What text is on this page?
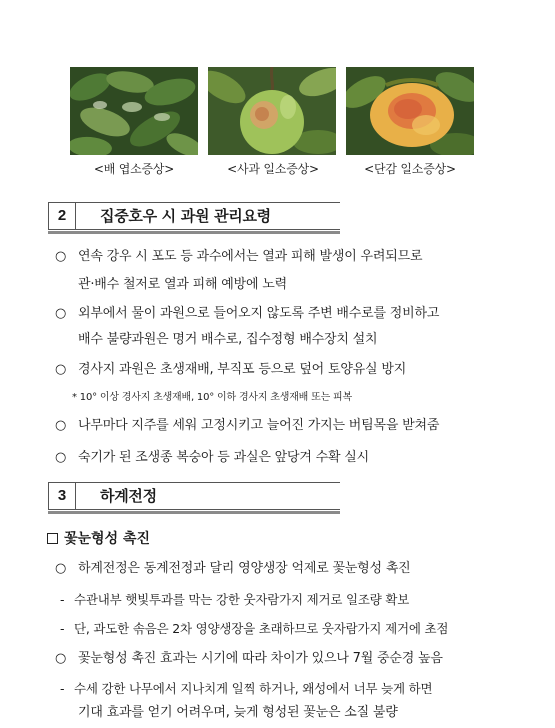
<배 엽소증상>	<사과 일소증상>	<단감 일소증상>
2	집중호우 시 과원 관리요령
○ 연속 강우 시 포도 등 과수에서는 열과 피해 발생이 우려되므로
관·배수 철저로 열과 피해 예방에 노력
○ 외부에서 물이 과원으로 들어오지 않도록 주변 배수로를 정비하고
배수 불량과원은 명거 배수로, 집수정형 배수장치 설치
○ 경사지 과원은 초생재배, 부직포 등으로 덮어 토양유실 방지
* 10° 이상 경사지 초생재배, 10° 이하 경사지 초생재배 또는 피복
○ 나무마다 지주를 세워 고정시키고 늘어진 가지는 버팀목을 받쳐줌
○ 숙기가 된 조생종 복숭아 등 과실은 앞당겨 수확 실시
3	하계전정
꽃눈형성 촉진
○ 하계전정은 동계전정과 달리 영양생장 억제로 꽃눈형성 촉진
- 수관내부 햇빛투과를 막는 강한 웃자람가지 제거로 일조량 확보
- 단, 과도한 솎음은 2차 영양생장을 초래하므로 웃자람가지 제거에 초점
○ 꽃눈형성 촉진 효과는 시기에 따라 차이가 있으나 7월 중순경 높음
- 수세 강한 나무에서 지나치게 일찍 하거나, 왜성에서 너무 늦게 하면
기대 효과를 얻기 어려우며, 늦게 형성된 꽃눈은 소질 불량
